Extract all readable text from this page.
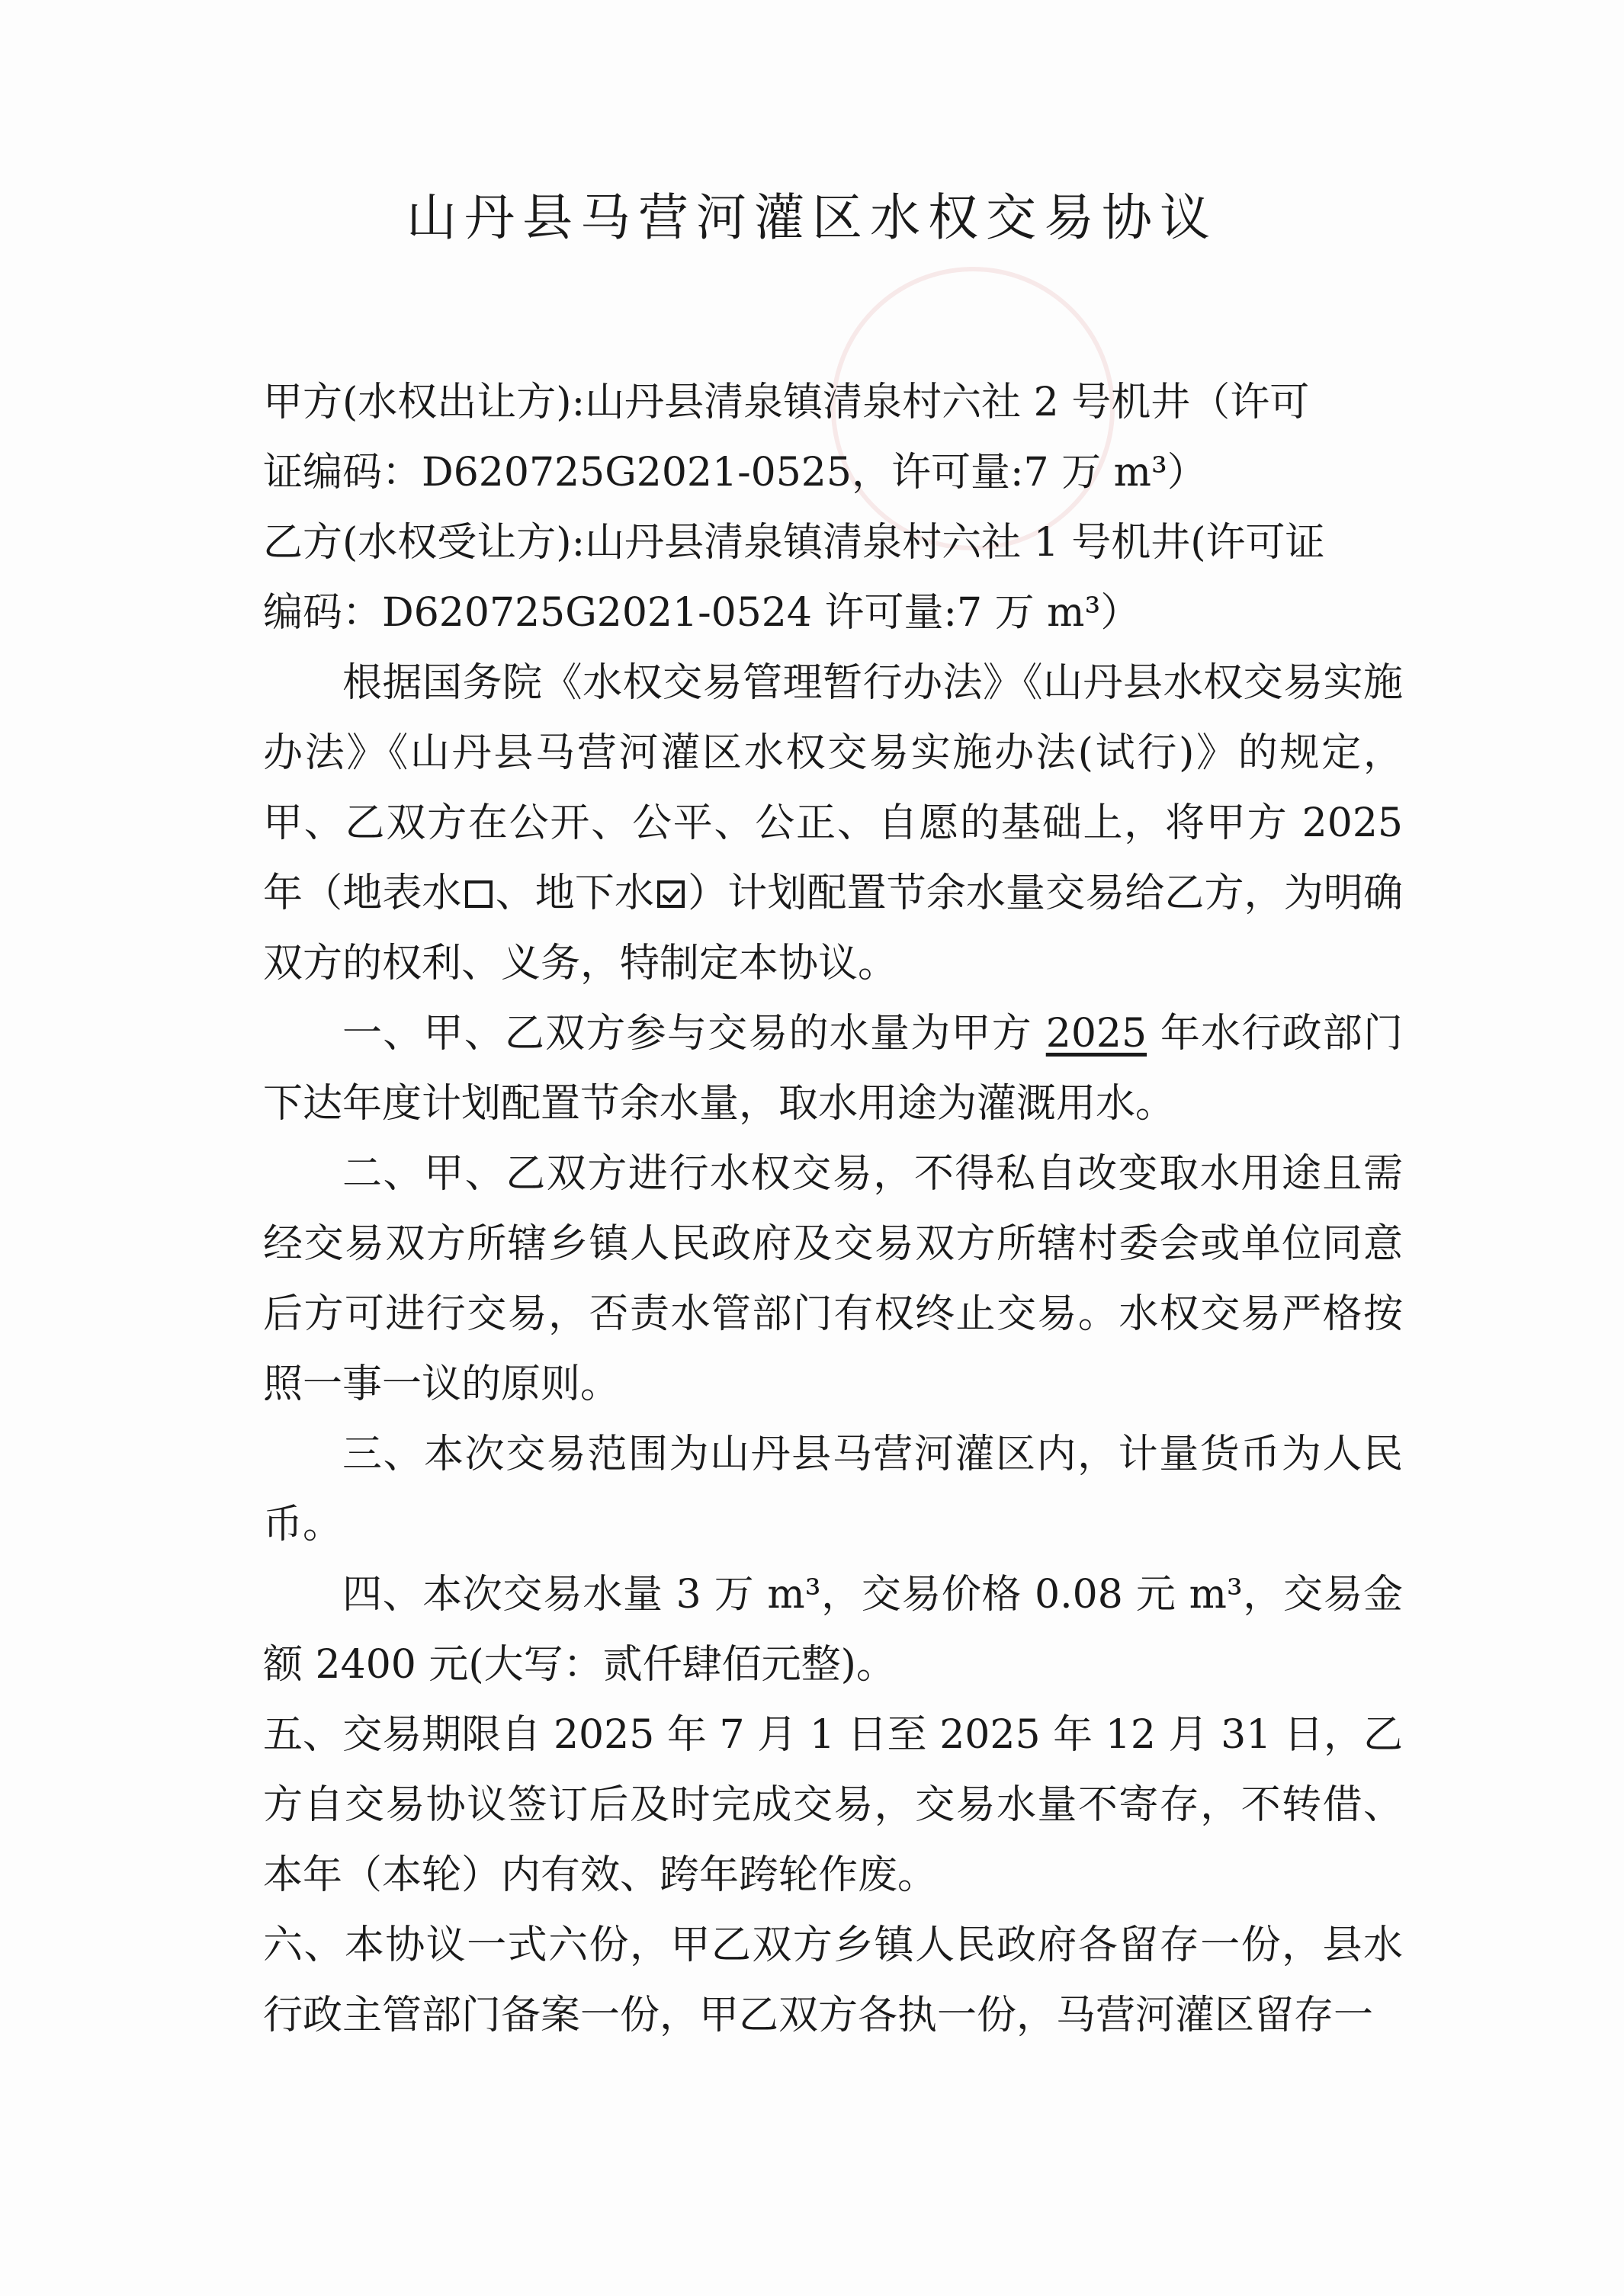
山丹县马营河灌区水权交易协议

甲方(水权出让方):山丹县清泉镇清泉村六社 2 号机井（许可

证编码：D620725G2021-0525，许可量:7 万 m³）

乙方(水权受让方):山丹县清泉镇清泉村六社 1 号机井(许可证

编码：D620725G2021-0524 许可量:7 万 m³）

根据国务院《水权交易管理暂行办法》《山丹县水权交易实施办法》《山丹县马营河灌区水权交易实施办法(试行)》的规定，甲、乙双方在公开、公平、公正、自愿的基础上，将甲方 2025 年（地表水 、地下水 ）计划配置节余水量交易给乙方，为明确双方的权利、义务，特制定本协议。

一、甲、乙双方参与交易的水量为甲方 2025 年水行政部门下达年度计划配置节余水量，取水用途为灌溉用水。

二、甲、乙双方进行水权交易，不得私自改变取水用途且需经交易双方所辖乡镇人民政府及交易双方所辖村委会或单位同意后方可进行交易，否责水管部门有权终止交易。水权交易严格按照一事一议的原则。

三、本次交易范围为山丹县马营河灌区内，计量货币为人民币。

四、本次交易水量 3 万 m³，交易价格 0.08 元 m³，交易金额 2400 元(大写：贰仟肆佰元整)。

五、交易期限自 2025 年 7 月 1 日至 2025 年 12 月 31 日，乙方自交易协议签订后及时完成交易，交易水量不寄存，不转借、本年（本轮）内有效、跨年跨轮作废。

六、本协议一式六份，甲乙双方乡镇人民政府各留存一份，县水行政主管部门备案一份，甲乙双方各执一份，马营河灌区留存一
